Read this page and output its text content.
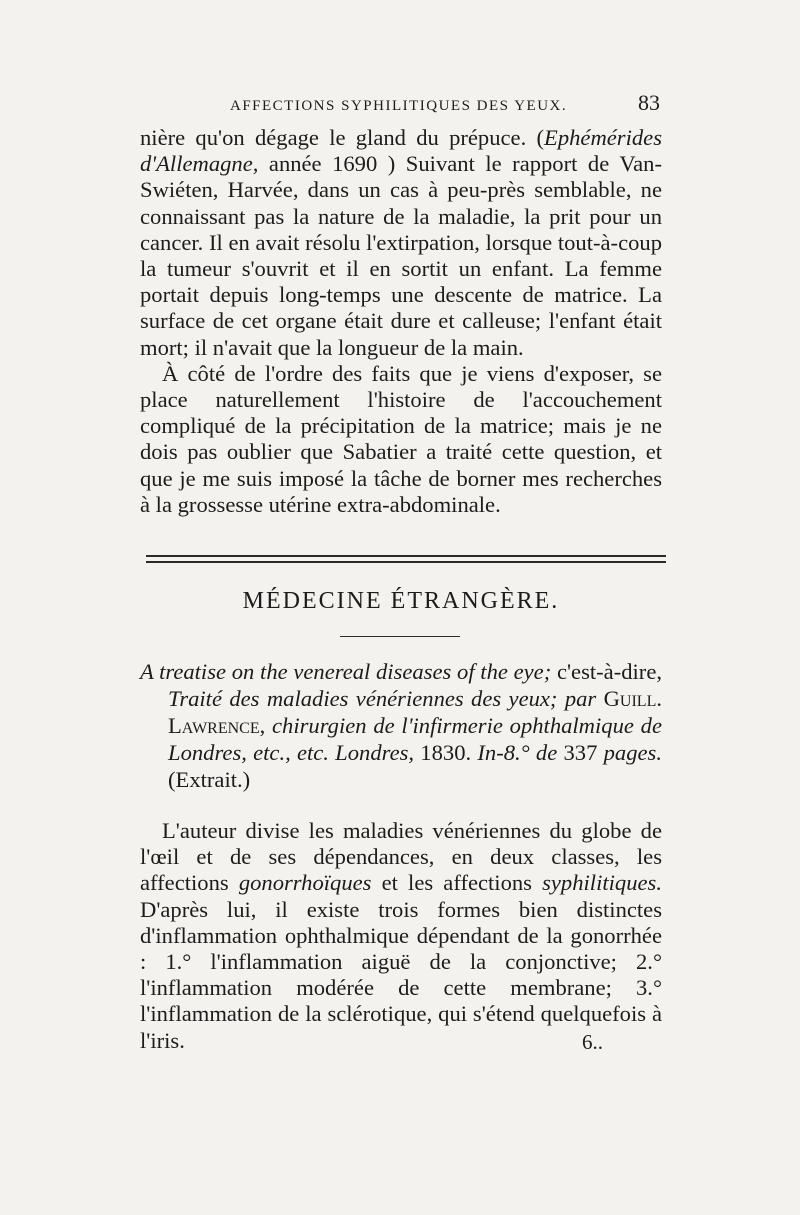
AFFECTIONS SYPHILITIQUES DES YEUX.	83

nière qu'on dégage le gland du prépuce. (Ephémérides d'Allemagne, année 1690 ) Suivant le rapport de Van-Swiéten, Harvée, dans un cas à peu-près semblable, ne connaissant pas la nature de la maladie, la prit pour un cancer. Il en avait résolu l'extirpation, lorsque tout-à-coup la tumeur s'ouvrit et il en sortit un enfant. La femme portait depuis long-temps une descente de matrice. La surface de cet organe était dure et calleuse; l'enfant était mort; il n'avait que la longueur de la main.

À côté de l'ordre des faits que je viens d'exposer, se place naturellement l'histoire de l'accouchement compliqué de la précipitation de la matrice; mais je ne dois pas oublier que Sabatier a traité cette question, et que je me suis imposé la tâche de borner mes recherches à la grossesse utérine extra-abdominale.

MÉDECINE ÉTRANGÈRE.

A treatise on the venereal diseases of the eye; c'est-à-dire, Traité des maladies vénériennes des yeux; par Guill. Lawrence, chirurgien de l'infirmerie ophthalmique de Londres, etc., etc. Londres, 1830. In-8.° de 337 pages. (Extrait.)

L'auteur divise les maladies vénériennes du globe de l'œil et de ses dépendances, en deux classes, les affections gonorrhoïques et les affections syphilitiques. D'après lui, il existe trois formes bien distinctes d'inflammation ophthalmique dépendant de la gonorrhée : 1.° l'inflammation aiguë de la conjonctive; 2.° l'inflammation modérée de cette membrane; 3.° l'inflammation de la sclérotique, qui s'étend quelquefois à l'iris.	6..
